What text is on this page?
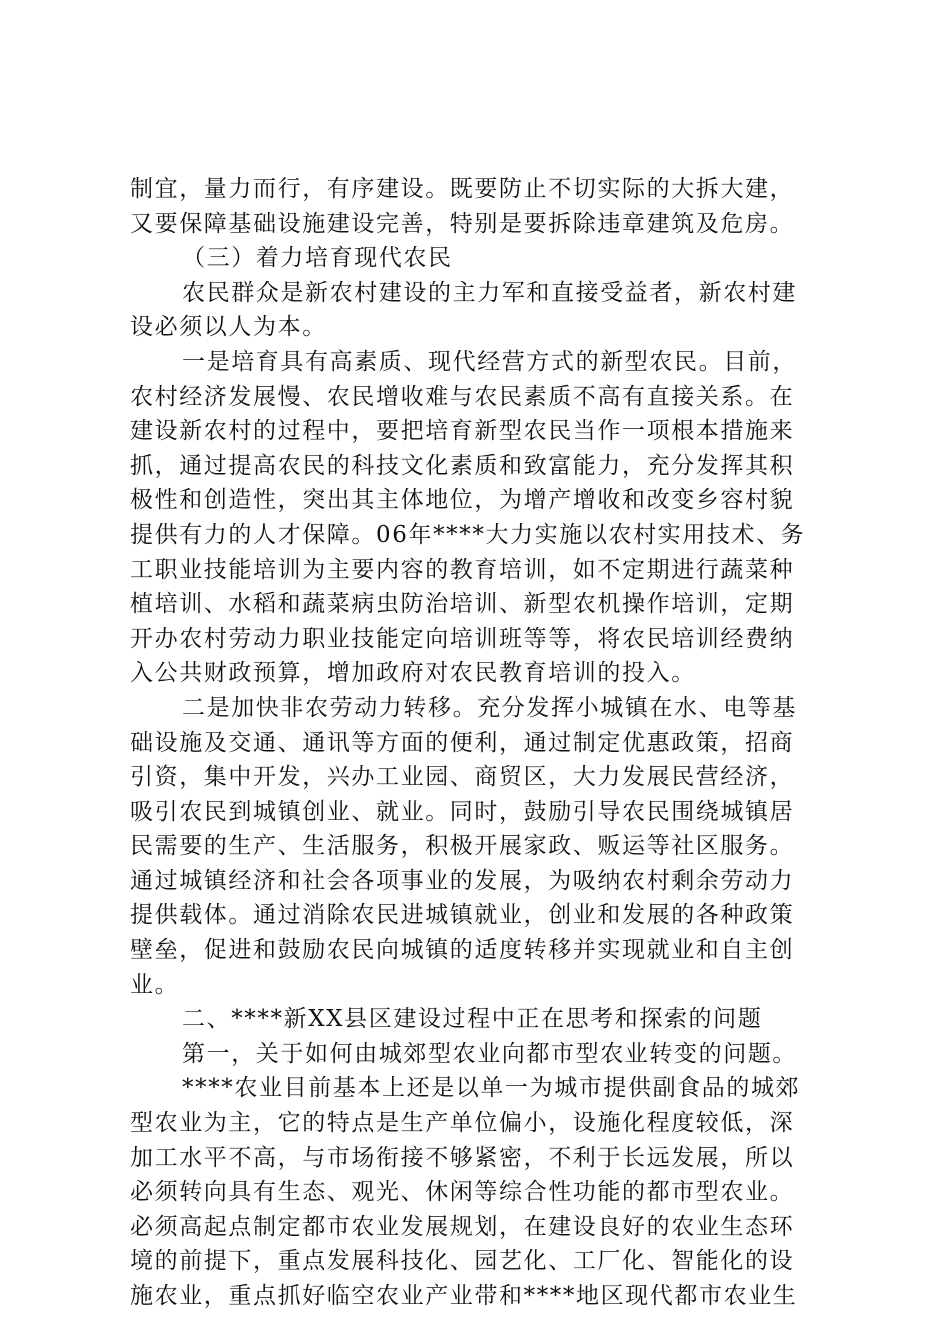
制宜，量力而行，有序建设。既要防止不切实际的大拆大建，
又要保障基础设施建设完善，特别是要拆除违章建筑及危房。
（三）着力培育现代农民
农民群众是新农村建设的主力军和直接受益者，新农村建
设必须以人为本。
一是培育具有高素质、现代经营方式的新型农民。目前，
农村经济发展慢、农民增收难与农民素质不高有直接关系。在
建设新农村的过程中，要把培育新型农民当作一项根本措施来
抓，通过提高农民的科技文化素质和致富能力，充分发挥其积
极性和创造性，突出其主体地位，为增产增收和改变乡容村貌
提供有力的人才保障。06年****大力实施以农村实用技术、务
工职业技能培训为主要内容的教育培训，如不定期进行蔬菜种
植培训、水稻和蔬菜病虫防治培训、新型农机操作培训，定期
开办农村劳动力职业技能定向培训班等等，将农民培训经费纳
入公共财政预算，增加政府对农民教育培训的投入。
二是加快非农劳动力转移。充分发挥小城镇在水、电等基
础设施及交通、通讯等方面的便利，通过制定优惠政策，招商
引资，集中开发，兴办工业园、商贸区，大力发展民营经济，
吸引农民到城镇创业、就业。同时，鼓励引导农民围绕城镇居
民需要的生产、生活服务，积极开展家政、贩运等社区服务。
通过城镇经济和社会各项事业的发展，为吸纳农村剩余劳动力
提供载体。通过消除农民进城镇就业，创业和发展的各种政策
壁垒，促进和鼓励农民向城镇的适度转移并实现就业和自主创
业。
二、****新XX县区建设过程中正在思考和探索的问题
第一，关于如何由城郊型农业向都市型农业转变的问题。
****农业目前基本上还是以单一为城市提供副食品的城郊
型农业为主，它的特点是生产单位偏小，设施化程度较低，深
加工水平不高，与市场衔接不够紧密，不利于长远发展，所以
必须转向具有生态、观光、休闲等综合性功能的都市型农业。
必须高起点制定都市农业发展规划，在建设良好的农业生态环
境的前提下，重点发展科技化、园艺化、工厂化、智能化的设
施农业，重点抓好临空农业产业带和****地区现代都市农业生
